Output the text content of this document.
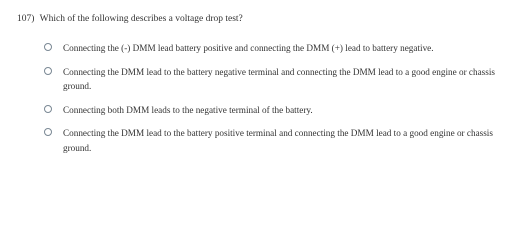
107) Which of the following describes a voltage drop test?
Connecting the (-) DMM lead battery positive and connecting the DMM (+) lead to battery negative.
Connecting the DMM lead to the battery negative terminal and connecting the DMM lead to a good engine or chassis ground.
Connecting both DMM leads to the negative terminal of the battery.
Connecting the DMM lead to the battery positive terminal and connecting the DMM lead to a good engine or chassis ground.
